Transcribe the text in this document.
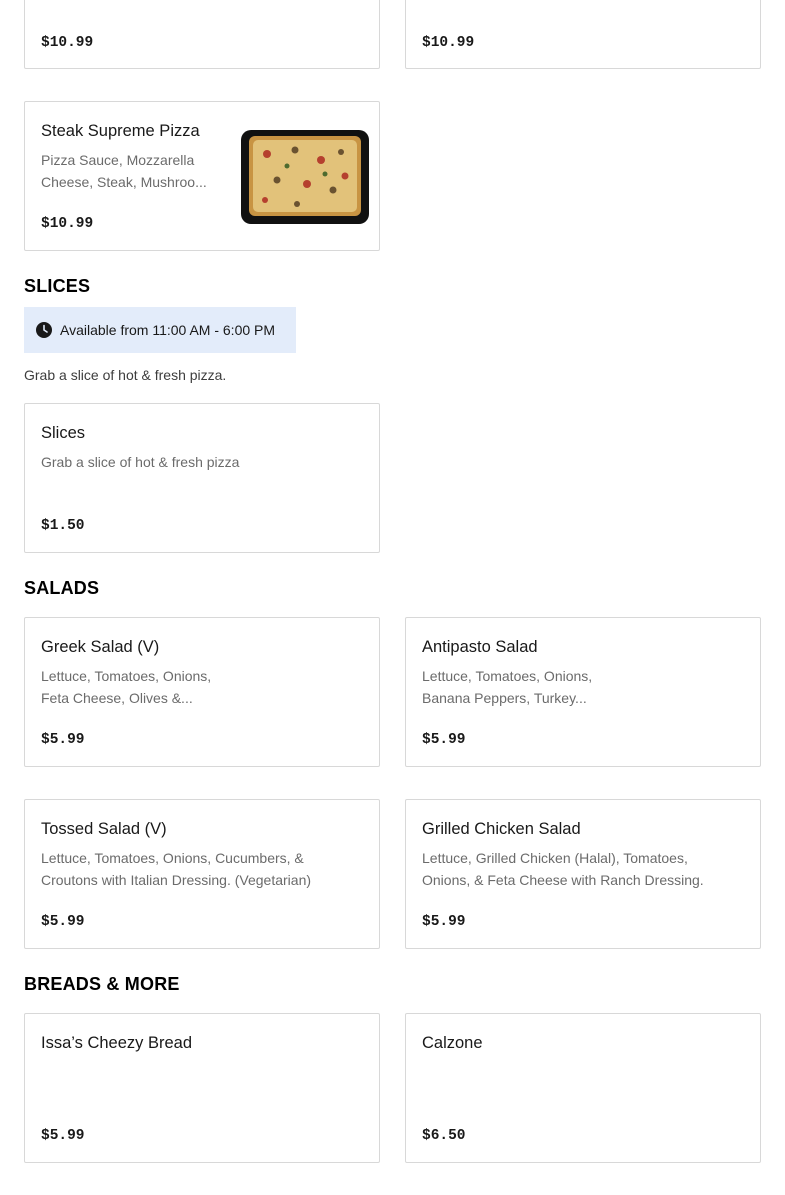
$10.99	$10.99
Steak Supreme Pizza
Pizza Sauce, Mozzarella Cheese, Steak, Mushroo...
$10.99
SLICES
Available from 11:00 AM - 6:00 PM
Grab a slice of hot & fresh pizza.
Slices
Grab a slice of hot & fresh pizza
$1.50
SALADS
Greek Salad (V)
Lettuce, Tomatoes, Onions, Feta Cheese, Olives &...
$5.99
Antipasto Salad
Lettuce, Tomatoes, Onions, Banana Peppers, Turkey...
$5.99
Tossed Salad (V)
Lettuce, Tomatoes, Onions, Cucumbers, & Croutons with Italian Dressing. (Vegetarian)
$5.99
Grilled Chicken Salad
Lettuce, Grilled Chicken (Halal), Tomatoes, Onions, & Feta Cheese with Ranch Dressing.
$5.99
BREADS & MORE
Issa’s Cheezy Bread
$5.99
Calzone
$6.50
